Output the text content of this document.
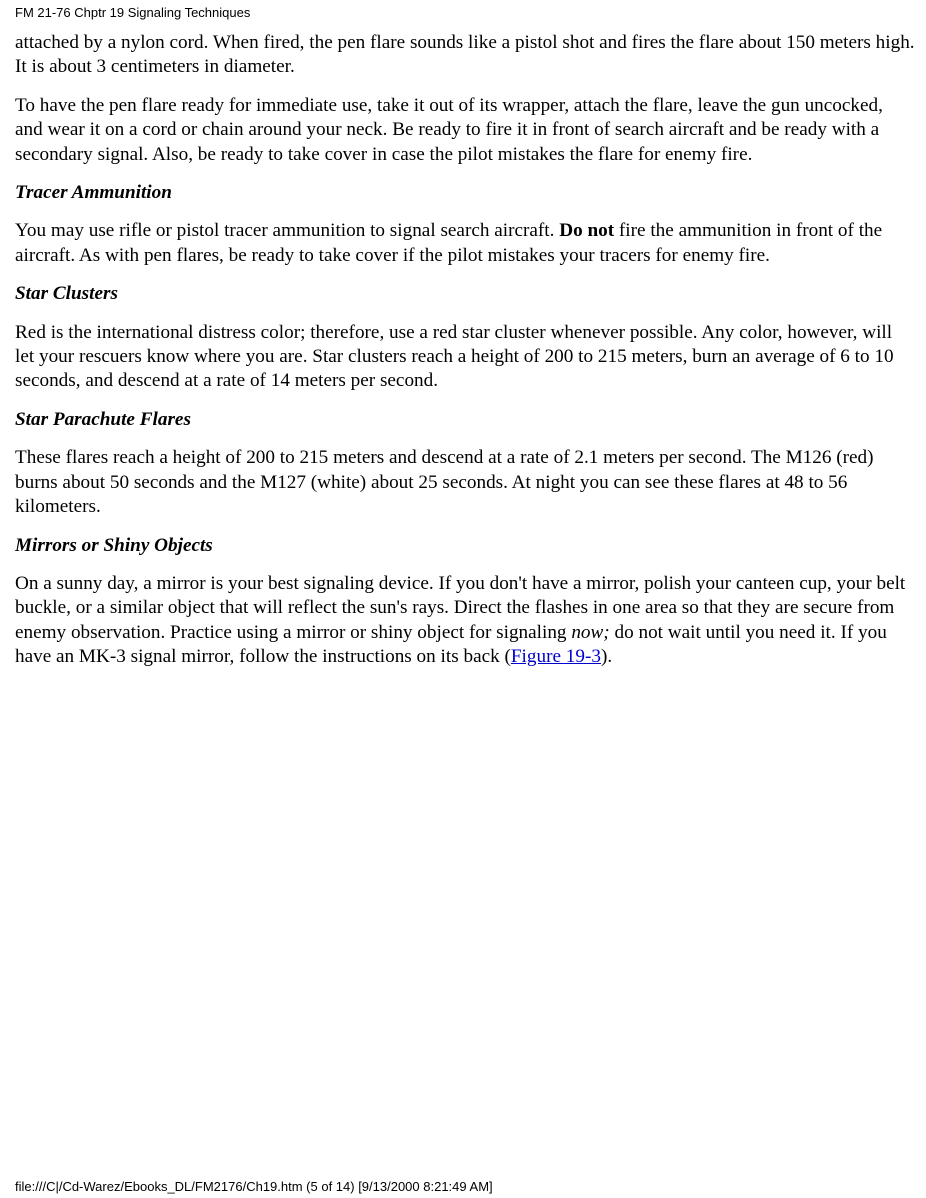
FM 21-76 Chptr 19 Signaling Techniques

attached by a nylon cord. When fired, the pen flare sounds like a pistol shot and fires the flare about 150 meters high. It is about 3 centimeters in diameter.

To have the pen flare ready for immediate use, take it out of its wrapper, attach the flare, leave the gun uncocked, and wear it on a cord or chain around your neck. Be ready to fire it in front of search aircraft and be ready with a secondary signal. Also, be ready to take cover in case the pilot mistakes the flare for enemy fire.

Tracer Ammunition

You may use rifle or pistol tracer ammunition to signal search aircraft. Do not fire the ammunition in front of the aircraft. As with pen flares, be ready to take cover if the pilot mistakes your tracers for enemy fire.

Star Clusters

Red is the international distress color; therefore, use a red star cluster whenever possible. Any color, however, will let your rescuers know where you are. Star clusters reach a height of 200 to 215 meters, burn an average of 6 to 10 seconds, and descend at a rate of 14 meters per second.

Star Parachute Flares

These flares reach a height of 200 to 215 meters and descend at a rate of 2.1 meters per second. The M126 (red) burns about 50 seconds and the M127 (white) about 25 seconds. At night you can see these flares at 48 to 56 kilometers.

Mirrors or Shiny Objects

On a sunny day, a mirror is your best signaling device. If you don't have a mirror, polish your canteen cup, your belt buckle, or a similar object that will reflect the sun's rays. Direct the flashes in one area so that they are secure from enemy observation. Practice using a mirror or shiny object for signaling now; do not wait until you need it. If you have an MK-3 signal mirror, follow the instructions on its back (Figure 19-3).

file:///C|/Cd-Warez/Ebooks_DL/FM2176/Ch19.htm (5 of 14) [9/13/2000 8:21:49 AM]
